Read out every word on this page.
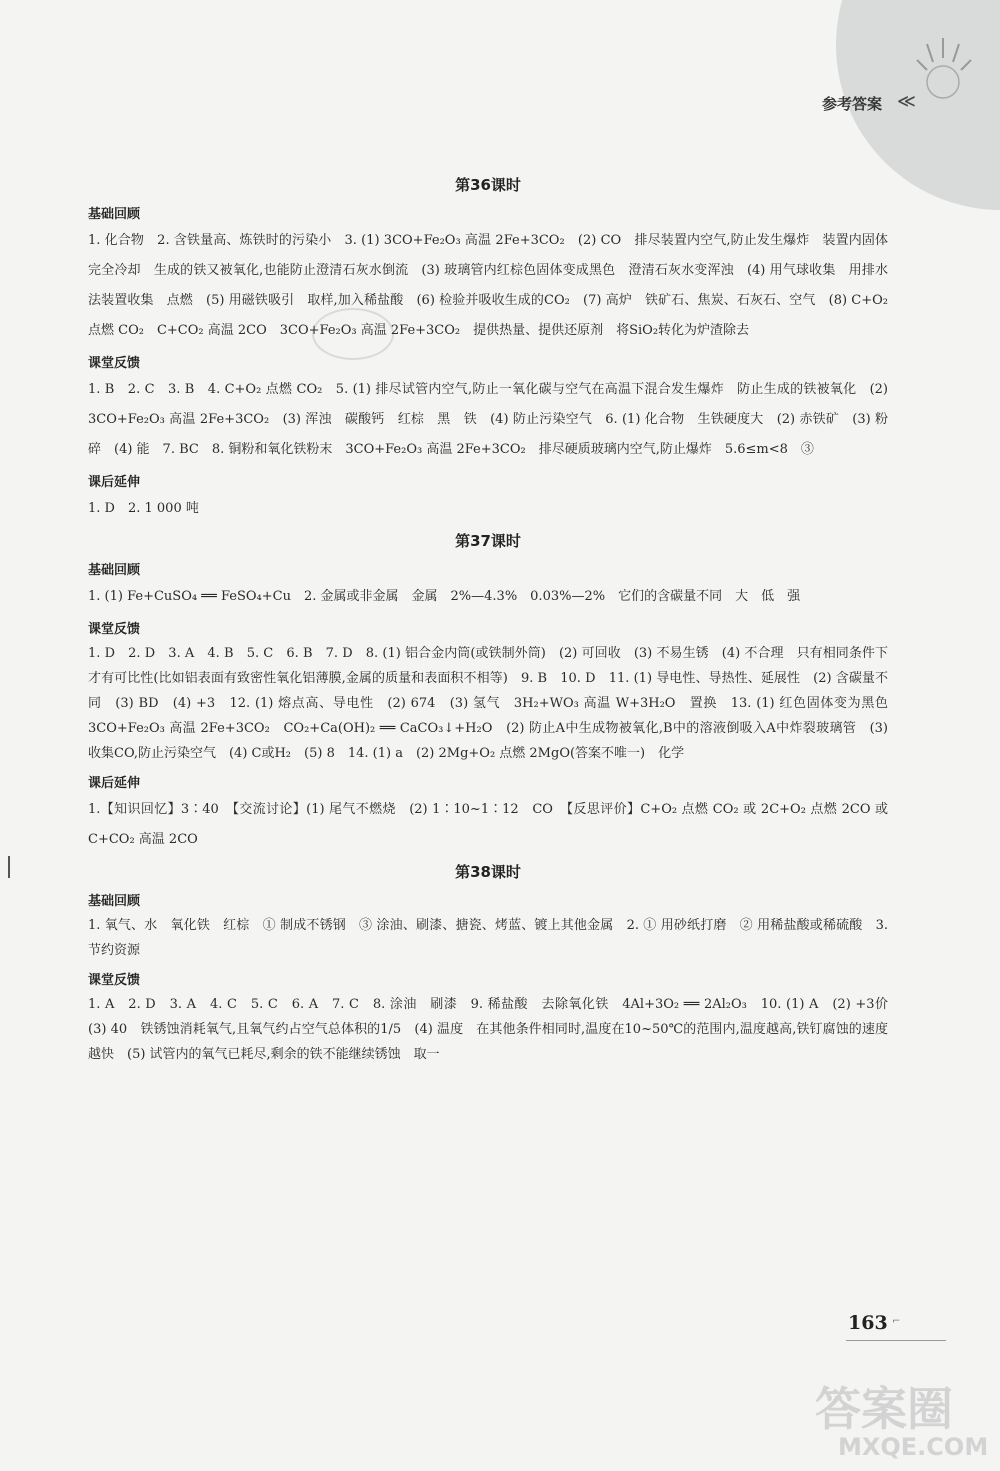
参考答案 ≪
第36课时
基础回顾

1. 化合物　2. 含铁量高、炼铁时的污染小　3. (1) 3CO+Fe₂O₃ 高温 2Fe+3CO₂　(2) CO　排尽装置内空气,防止发生爆炸　装置内固体完全冷却　生成的铁又被氧化,也能防止澄清石灰水倒流　(3) 玻璃管内红棕色固体变成黑色　澄清石灰水变浑浊　(4) 用气球收集　用排水法装置收集　点燃　(5) 用磁铁吸引　取样,加入稀盐酸　(6) 检验并吸收生成的CO₂　(7) 高炉　铁矿石、焦炭、石灰石、空气　(8) C+O₂ 点燃 CO₂　C+CO₂ 高温 2CO　3CO+Fe₂O₃ 高温 2Fe+3CO₂　提供热量、提供还原剂　将SiO₂转化为炉渣除去

课堂反馈

1. B　2. C　3. B　4. C+O₂ 点燃 CO₂　5. (1) 排尽试管内空气,防止一氧化碳与空气在高温下混合发生爆炸　防止生成的铁被氧化　(2) 3CO+Fe₂O₃ 高温 2Fe+3CO₂　(3) 浑浊　碳酸钙　红棕　黑　铁　(4) 防止污染空气　6. (1) 化合物　生铁硬度大　(2) 赤铁矿　(3) 粉碎　(4) 能　7. BC　8. 铜粉和氧化铁粉末　3CO+Fe₂O₃ 高温 2Fe+3CO₂　排尽硬质玻璃内空气,防止爆炸　5.6≤m<8　③

课后延伸

1. D　2. 1 000 吨

第37课时
基础回顾

1. (1) Fe+CuSO₄ ══ FeSO₄+Cu　2. 金属或非金属　金属　2%—4.3%　0.03%—2%　它们的含碳量不同　大　低　强

课堂反馈

1. D　2. D　3. A　4. B　5. C　6. B　7. D　8. (1) 铝合金内筒(或铁制外筒)　(2) 可回收　(3) 不易生锈　(4) 不合理　只有相同条件下才有可比性(比如铝表面有致密性氧化铝薄膜,金属的质量和表面积不相等)　9. B　10. D　11. (1) 导电性、导热性、延展性　(2) 含碳量不同　(3) BD　(4) +3　12. (1) 熔点高、导电性　(2) 674　(3) 氢气　3H₂+WO₃ 高温 W+3H₂O　置换　13. (1) 红色固体变为黑色　3CO+Fe₂O₃ 高温 2Fe+3CO₂　CO₂+Ca(OH)₂ ══ CaCO₃↓+H₂O　(2) 防止A中生成物被氧化,B中的溶液倒吸入A中炸裂玻璃管　(3) 收集CO,防止污染空气　(4) C或H₂　(5) 8　14. (1) a　(2) 2Mg+O₂ 点燃 2MgO(答案不唯一)　化学

课后延伸

1.【知识回忆】3∶40　【交流讨论】(1) 尾气不燃烧　(2) 1∶10~1∶12　CO　【反思评价】C+O₂ 点燃 CO₂ 或 2C+O₂ 点燃 2CO 或 C+CO₂ 高温 2CO

第38课时
基础回顾

1. 氧气、水　氧化铁　红棕　① 制成不锈钢　③ 涂油、刷漆、搪瓷、烤蓝、镀上其他金属　2. ① 用砂纸打磨　② 用稀盐酸或稀硫酸　3. 节约资源

课堂反馈

1. A　2. D　3. A　4. C　5. C　6. A　7. C　8. 涂油　刷漆　9. 稀盐酸　去除氧化铁　4Al+3O₂ ══ 2Al₂O₃　10. (1) A　(2) +3价　(3) 40　铁锈蚀消耗氧气,且氧气约占空气总体积的1/5　(4) 温度　在其他条件相同时,温度在10~50℃的范围内,温度越高,铁钉腐蚀的速度越快　(5) 试管内的氧气已耗尽,剩余的铁不能继续锈蚀　取一

163 ⌐
答案圈
MXQE.COM
